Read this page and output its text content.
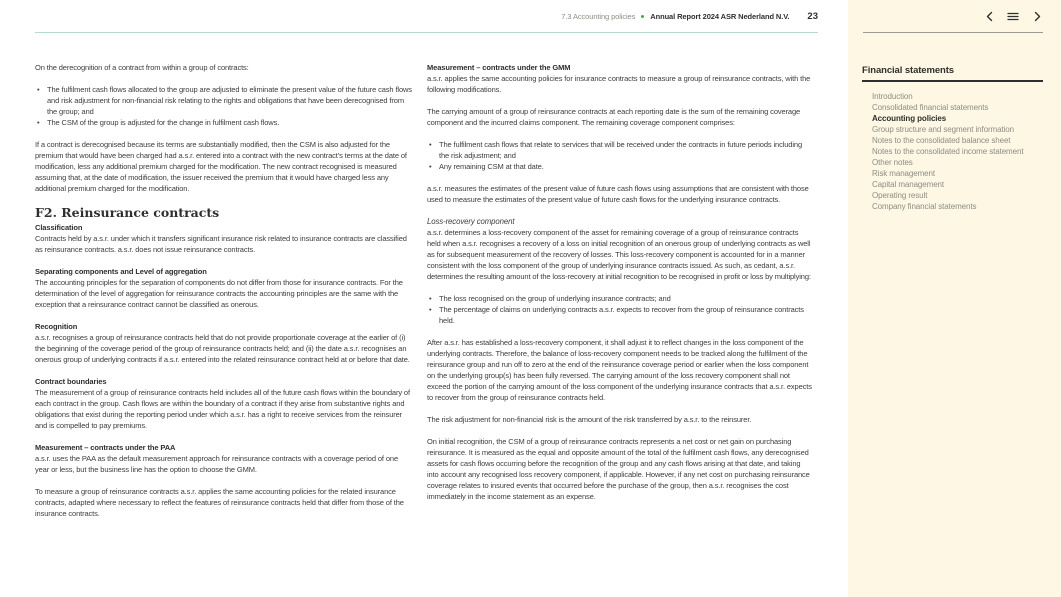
7.3 Accounting policies Annual Report 2024 ASR Nederland N.V. 23

On the derecognition of a contract from within a group of contracts:

• The fulfilment cash flows allocated to the group are adjusted to eliminate the present value of the future cash flows and risk adjustment for non-financial risk relating to the rights and obligations that have been derecognised from the group; and
• The CSM of the group is adjusted for the change in fulfilment cash flows.

If a contract is derecognised because its terms are substantially modified, then the CSM is also adjusted for the premium that would have been charged had a.s.r. entered into a contract with the new contract's terms at the date of modification, less any additional premium charged for the modification. The new contract recognised is measured assuming that, at the date of modification, the issuer received the premium that it would have charged less any additional premium charged for the modification.

F2. Reinsurance contracts
Classification

Contracts held by a.s.r. under which it transfers significant insurance risk related to insurance contracts are classified as reinsurance contracts. a.s.r. does not issue reinsurance contracts.

Separating components and Level of aggregation

The accounting principles for the separation of components do not differ from those for insurance contracts. For the determination of the level of aggregation for reinsurance contracts the accounting principles are the same with the exception that a reinsurance contract cannot be classified as onerous.

Recognition

a.s.r. recognises a group of reinsurance contracts held that do not provide proportionate coverage at the earlier of (i) the beginning of the coverage period of the group of reinsurance contracts held; and (ii) the date a.s.r. recognises an onerous group of underlying contracts if a.s.r. entered into the related reinsurance contract held at or before that date.

Contract boundaries

The measurement of a group of reinsurance contracts held includes all of the future cash flows within the boundary of each contract in the group. Cash flows are within the boundary of a contract if they arise from substantive rights and obligations that exist during the reporting period under which a.s.r. has a right to receive services from the reinsurer and is compelled to pay premiums.

Measurement – contracts under the PAA

a.s.r. uses the PAA as the default measurement approach for reinsurance contracts with a coverage period of one year or less, but the business line has the option to choose the GMM.

To measure a group of reinsurance contracts a.s.r. applies the same accounting policies for the related insurance contracts, adapted where necessary to reflect the features of reinsurance contracts held that differ from those of the insurance contracts.

Measurement – contracts under the GMM

a.s.r. applies the same accounting policies for insurance contracts to measure a group of reinsurance contracts, with the following modifications.

The carrying amount of a group of reinsurance contracts at each reporting date is the sum of the remaining coverage component and the incurred claims component. The remaining coverage component comprises:

• The fulfilment cash flows that relate to services that will be received under the contracts in future periods including the risk adjustment; and
• Any remaining CSM at that date.

a.s.r. measures the estimates of the present value of future cash flows using assumptions that are consistent with those used to measure the estimates of the present value of future cash flows for the underlying insurance contracts.

Loss-recovery component

a.s.r. determines a loss-recovery component of the asset for remaining coverage of a group of reinsurance contracts held when a.s.r. recognises a recovery of a loss on initial recognition of an onerous group of underlying contracts as well as for subsequent measurement of the recovery of losses. This loss-recovery component is accounted for in a manner consistent with the loss component of the group of underlying insurance contracts issued. As such, as cedant, a.s.r. determines the resulting amount of the loss-recovery at initial recognition to be recognised in profit or loss by multiplying:

• The loss recognised on the group of underlying insurance contracts; and
• The percentage of claims on underlying contracts a.s.r. expects to recover from the group of reinsurance contracts held.

After a.s.r. has established a loss-recovery component, it shall adjust it to reflect changes in the loss component of the underlying contracts. Therefore, the balance of loss-recovery component needs to be tracked along the fulfilment of the reinsurance group and run off to zero at the end of the reinsurance coverage period or earlier when the loss component on the underlying group(s) has been fully reversed. The carrying amount of the loss recovery component shall not exceed the portion of the carrying amount of the loss component of the underlying insurance contracts that a.s.r. expects to recover from the group of reinsurance contracts held.

The risk adjustment for non-financial risk is the amount of the risk transferred by a.s.r. to the reinsurer.

On initial recognition, the CSM of a group of reinsurance contracts represents a net cost or net gain on purchasing reinsurance. It is measured as the equal and opposite amount of the total of the fulfilment cash flows, any derecognised assets for cash flows occurring before the recognition of the group and any cash flows arising at that date, and taking into account any recognised loss recovery component, if applicable. However, if any net cost on purchasing reinsurance coverage relates to insured events that occurred before the purchase of the group, then a.s.r. recognises the cost immediately in the income statement as an expense.

Financial statements
Introduction
Consolidated financial statements
Accounting policies
Group structure and segment information
Notes to the consolidated balance sheet
Notes to the consolidated income statement
Other notes
Risk management
Capital management
Operating result
Company financial statements
